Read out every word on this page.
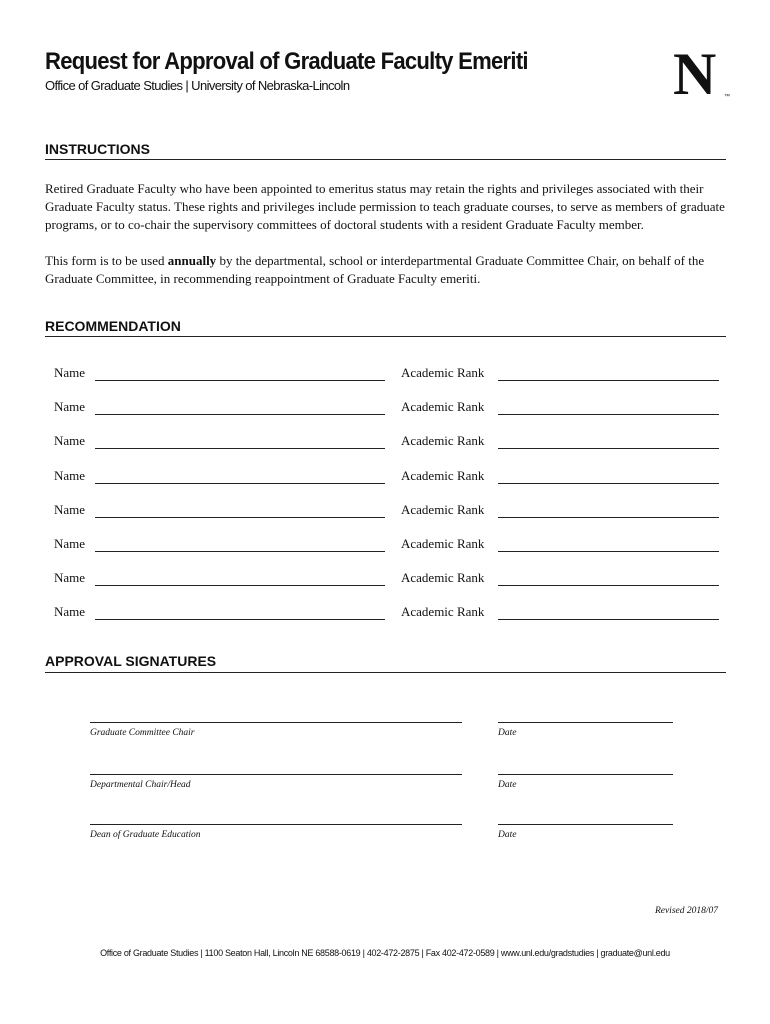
Request for Approval of Graduate Faculty Emeriti
Office of Graduate Studies | University of Nebraska-Lincoln	N ™
INSTRUCTIONS

Retired Graduate Faculty who have been appointed to emeritus status may retain the rights and privileges associated with their Graduate Faculty status. These rights and privileges include permission to teach graduate courses, to serve as members of graduate programs, or to co-chair the supervisory committees of doctoral students with a resident Graduate Faculty member.

This form is to be used annually by the departmental, school or interdepartmental Graduate Committee Chair, on behalf of the Graduate Committee, in recommending reappointment of Graduate Faculty emeriti.

RECOMMENDATION
Name	Academic Rank
Name	Academic Rank
Name	Academic Rank
Name	Academic Rank
Name	Academic Rank
Name	Academic Rank
Name	Academic Rank
Name	Academic Rank
APPROVAL SIGNATURES
Graduate Committee Chair	Date
Departmental Chair/Head	Date
Dean of Graduate Education	Date
Revised 2018/07
Office of Graduate Studies | 1100 Seaton Hall, Lincoln NE 68588-0619 | 402-472-2875 | Fax 402-472-0589 | www.unl.edu/gradstudies | graduate@unl.edu
